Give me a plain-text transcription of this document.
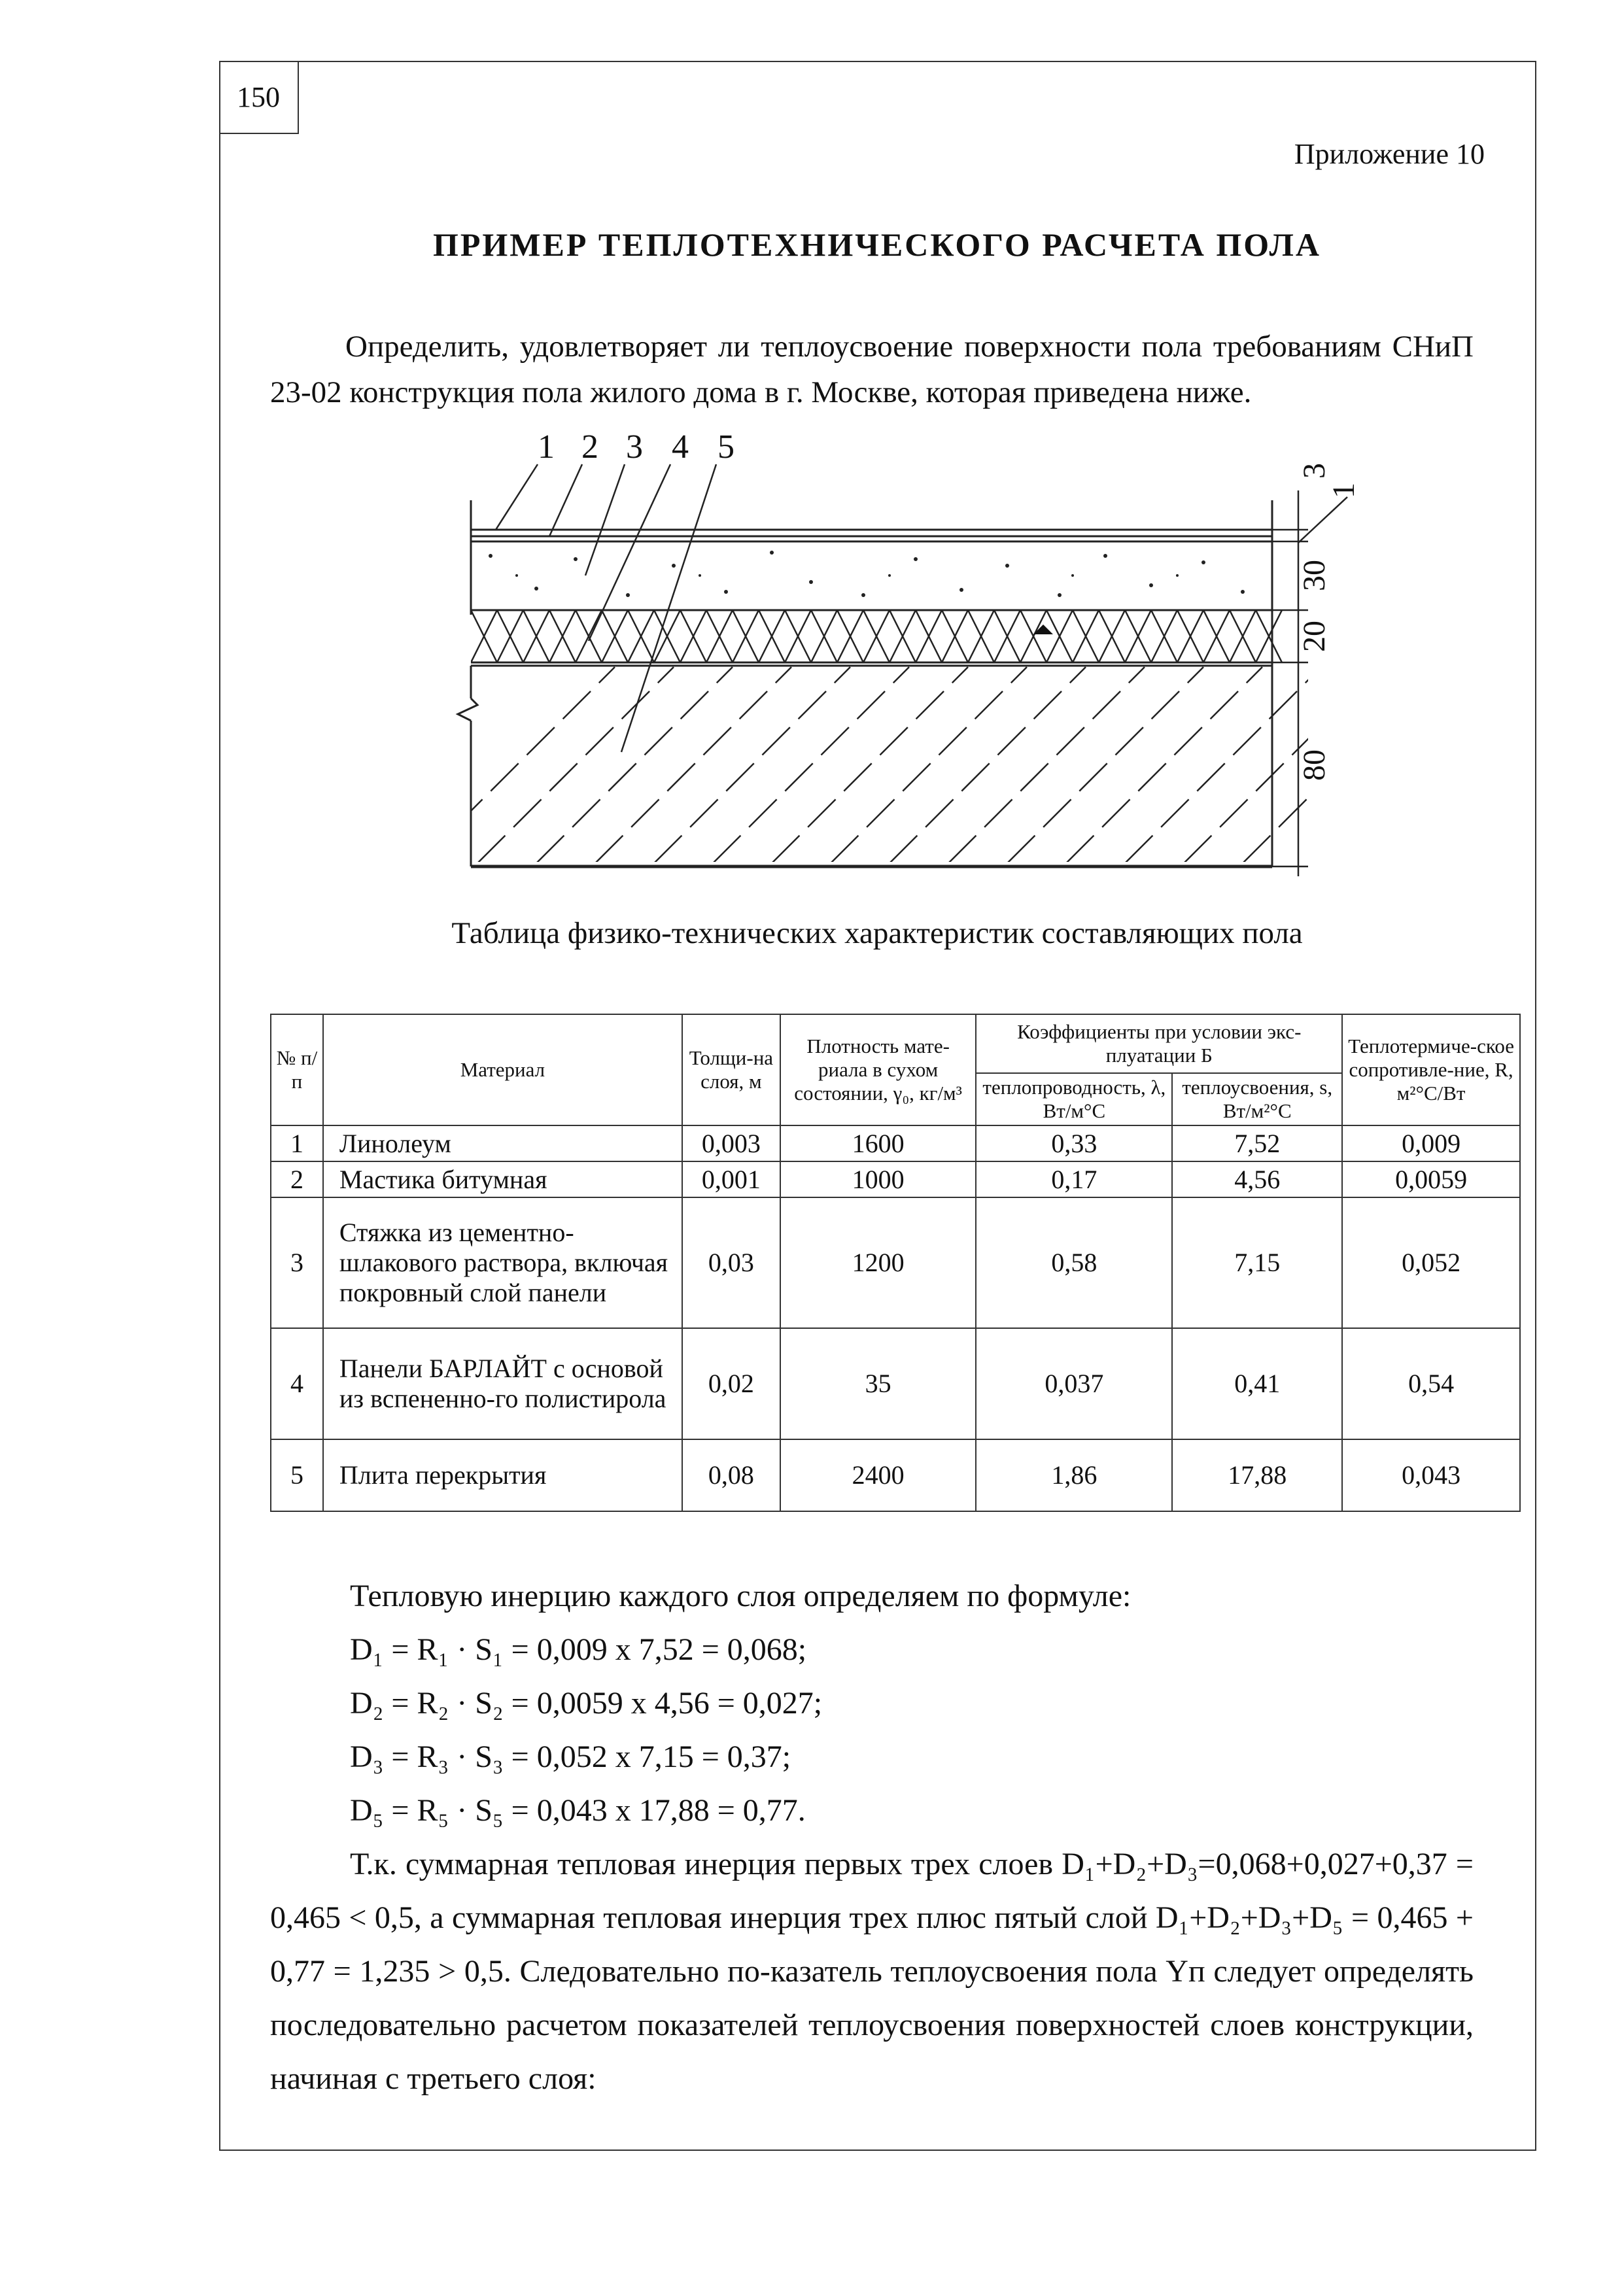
150
Приложение 10
ПРИМЕР ТЕПЛОТЕХНИЧЕСКОГО РАСЧЕТА ПОЛА

Определить, удовлетворяет ли теплоусвоение поверхности пола требованиям СНиП 23-02 конструкция пола жилого дома в г. Москве, которая приведена ниже.

1 2 3 4 5
3
1
30
20
80
Таблица физико-технических характеристик составляющих пола
№ п/п	Материал	Толщи-на слоя, м	Плотность мате-риала в сухом состоянии, γ₀, кг/м³	Коэффициенты при условии экс-плуатации Б		Теплотермиче-ское сопротивле-ние, R, м²°С/Вт
				теплопроводность, λ, Вт/м°С	теплоусвоения, s, Вт/м²°С	
1	Линолеум	0,003	1600	0,33	7,52	0,009
2	Мастика битумная	0,001	1000	0,17	4,56	0,0059
3	Стяжка из цементно-шлакового раствора, включая покровный слой панели	0,03	1200	0,58	7,15	0,052
4	Панели БАРЛАЙТ с основой из вспененно-го полистирола	0,02	35	0,037	0,41	0,54
5	Плита перекрытия	0,08	2400	1,86	17,88	0,043
Тепловую инерцию каждого слоя определяем по формуле:
D₁ = R₁ · S₁ = 0,009 х 7,52 = 0,068;
D₂ = R₂ · S₂ = 0,0059 х 4,56 = 0,027;
D₃ = R₃ · S₃ = 0,052 х 7,15 = 0,37;
D₅ = R₅ · S₅ = 0,043 х 17,88 = 0,77.
Т.к. суммарная тепловая инерция первых трех слоев D₁+D₂+D₃=0,068+0,027+0,37 = 0,465 < 0,5, а суммарная тепловая инерция трех плюс пятый слой D₁+D₂+D₃+D₅ = 0,465 + 0,77 = 1,235 > 0,5. Следовательно по-казатель теплоусвоения пола Yп следует определять последовательно расчетом показателей теплоусвоения поверхностей слоев конструкции, начиная с третьего слоя:
